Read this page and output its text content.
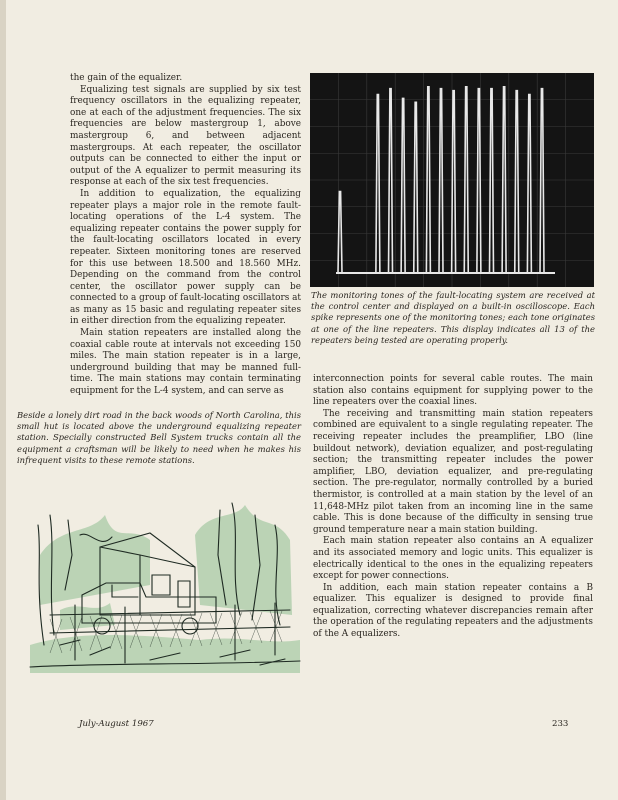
the gain of the equalizer.

Equalizing test signals are supplied by six test frequency oscillators in the equalizing repeater, one at each of the adjustment frequencies. The six frequencies are below mastergroup 1, above mastergroup 6, and between adjacent mastergroups. At each repeater, the oscillator outputs can be connected to either the input or output of the A equalizer to permit measuring its response at each of the six test frequencies.

In addition to equalization, the equalizing repeater plays a major role in the remote fault-locating operations of the L-4 system. The equalizing repeater contains the power supply for the fault-locating oscillators located in every repeater. Sixteen monitoring tones are reserved for this use between 18.500 and 18.560 MHz. Depending on the command from the control center, the oscillator power supply can be connected to a group of fault-locating oscillators at as many as 15 basic and regulating repeater sites in either direction from the equalizing repeater.

Main station repeaters are installed along the coaxial cable route at intervals not exceeding 150 miles. The main station repeater is in a large, underground building that may be manned full-time. The main stations may contain terminating equipment for the L-4 system, and can serve as

The monitoring tones of the fault-locating system are received at the control center and displayed on a built-in oscilloscope. Each spike represents one of the monitoring tones; each tone originates at one of the line repeaters. This display indicates all 13 of the repeaters being tested are operating properly.
Beside a lonely dirt road in the back woods of North Carolina, this small hut is located above the underground equalizing repeater station. Specially constructed Bell System trucks contain all the equipment a craftsman will be likely to need when he makes his infrequent visits to these remote stations.

interconnection points for several cable routes. The main station also contains equipment for supplying power to the line repeaters over the coaxial lines.

The receiving and transmitting main station repeaters combined are equivalent to a single regulating repeater. The receiving repeater includes the preamplifier, LBO (line buildout network), deviation equalizer, and post-regulating section; the transmitting repeater includes the power amplifier, LBO, deviation equalizer, and pre-regulating section. The pre-regulator, normally controlled by a buried thermistor, is controlled at a main station by the level of an 11,648-MHz pilot taken from an incoming line in the same cable. This is done because of the difficulty in sensing true ground temperature near a main station building.

Each main station repeater also contains an A equalizer and its associated memory and logic units. This equalizer is electrically identical to the ones in the equalizing repeaters except for power connections.

In addition, each main station repeater contains a B equalizer. This equalizer is designed to provide final equalization, correcting whatever discrepancies remain after the operation of the regulating repeaters and the adjustments of the A equalizers.

July-August 1967	233
